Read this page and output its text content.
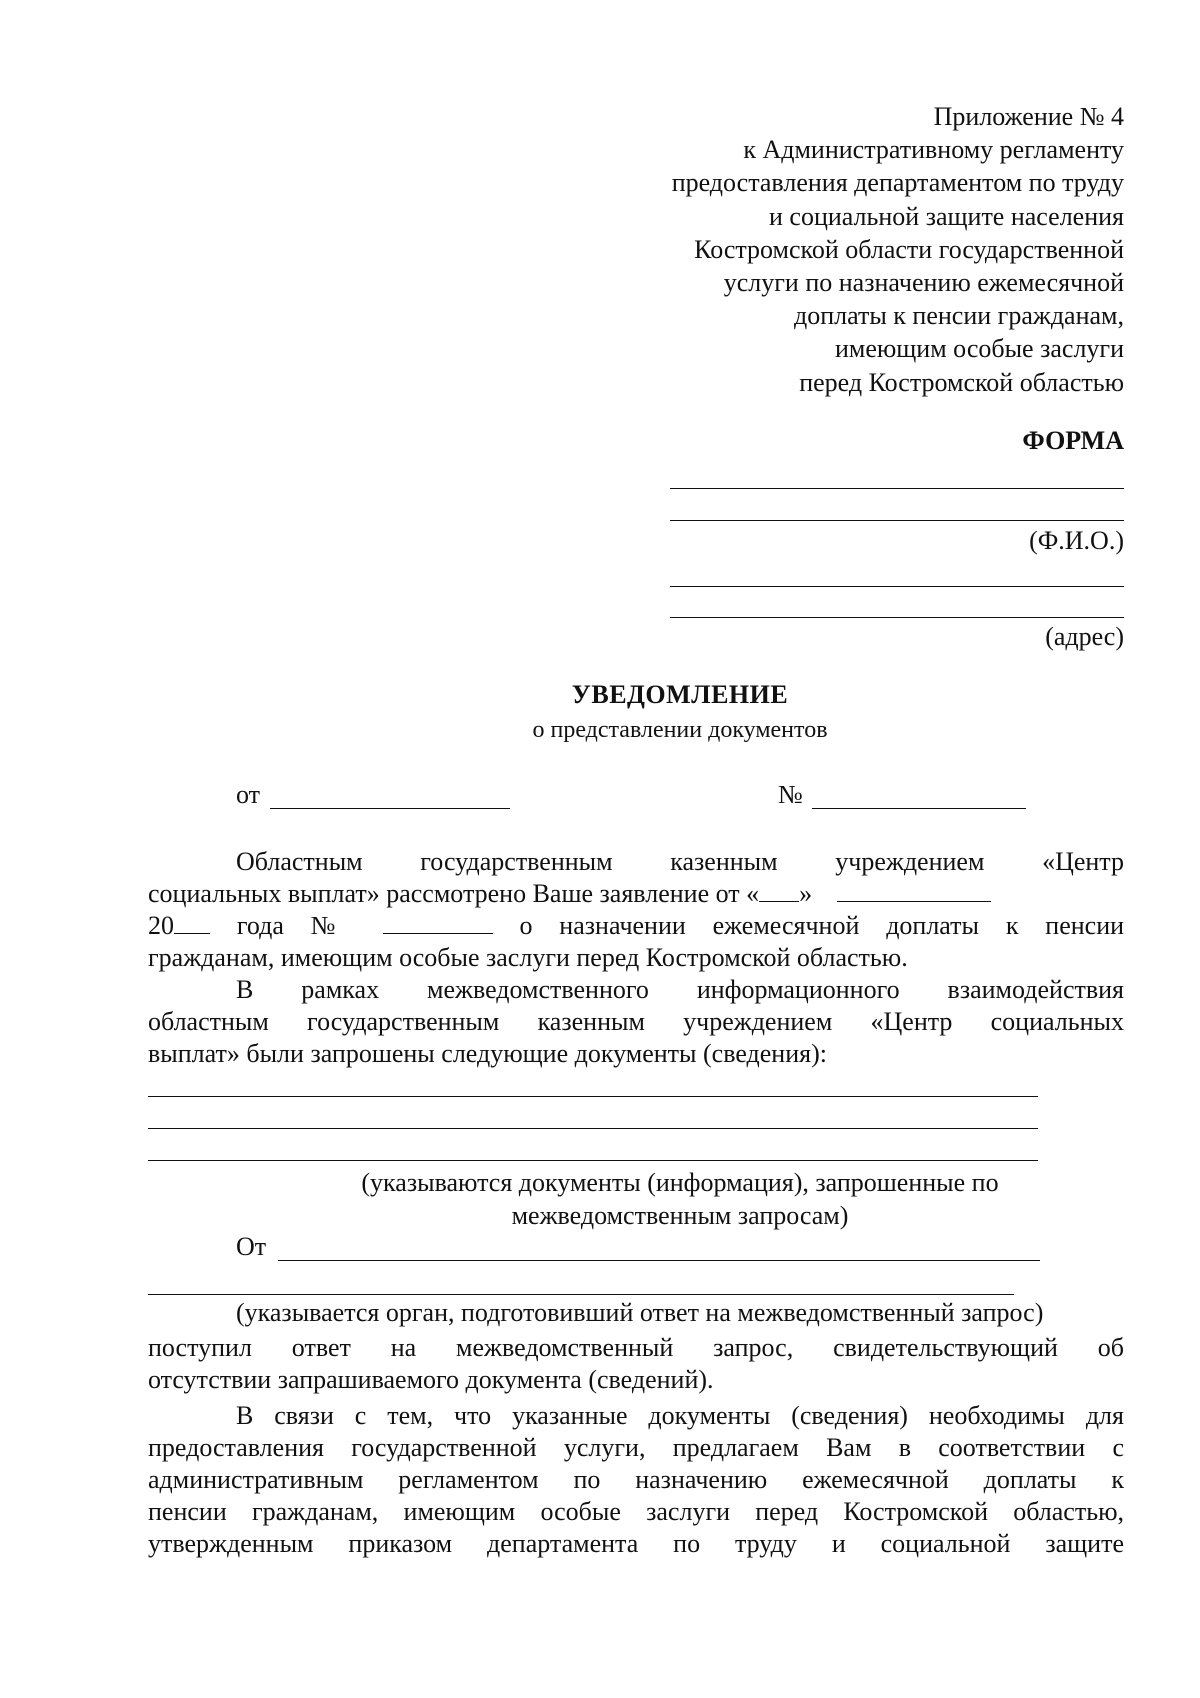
Приложение № 4
к Административному регламенту
предоставления департаментом по труду
и социальной защите населения
Костромской области государственной
услуги по назначению ежемесячной
доплаты к пенсии гражданам,
имеющим особые заслуги
перед Костромской областью
ФОРМА
(Ф.И.О.)
(адрес)
УВЕДОМЛЕНИЕ
о представлении документов
от	№
Областным государственным казенным учреждением «Центр
социальных выплат» рассмотрено Ваше заявление от « »
20 года №	о назначении ежемесячной доплаты к пенсии
гражданам, имеющим особые заслуги перед Костромской областью.
В рамках межведомственного информационного взаимодействия
областным государственным казенным учреждением «Центр социальных
выплат» были запрошены следующие документы (сведения):
(указываются документы (информация), запрошенные по
межведомственным запросам)
От
(указывается орган, подготовивший ответ на межведомственный запрос)
поступил ответ на межведомственный запрос, свидетельствующий об
отсутствии запрашиваемого документа (сведений).
В связи с тем, что указанные документы (сведения) необходимы для
предоставления государственной услуги, предлагаем Вам в соответствии с
административным регламентом по назначению ежемесячной доплаты к
пенсии гражданам, имеющим особые заслуги перед Костромской областью,
утвержденным приказом департамента по труду и социальной защите
